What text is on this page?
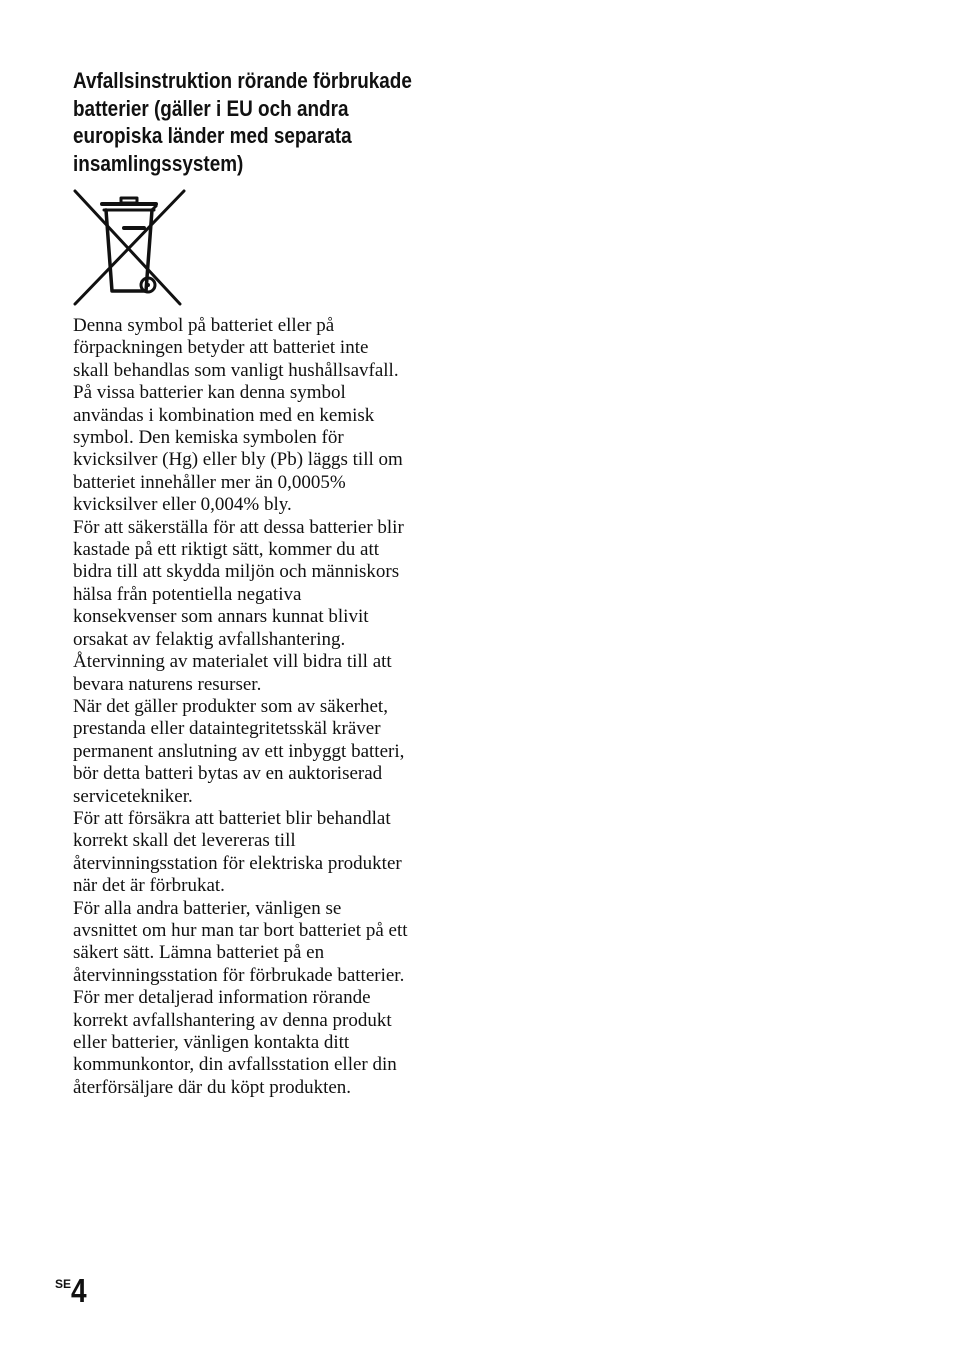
Avfallsinstruktion rörande förbrukade
batterier (gäller i EU och andra
europiska länder med separata
insamlingssystem)

Denna symbol på batteriet eller på
förpackningen betyder att batteriet inte
skall behandlas som vanligt hushållsavfall.
På vissa batterier kan denna symbol
användas i kombination med en kemisk
symbol. Den kemiska symbolen för
kvicksilver (Hg) eller bly (Pb) läggs till om
batteriet innehåller mer än 0,0005%
kvicksilver eller 0,004% bly.

För att säkerställa för att dessa batterier blir
kastade på ett riktigt sätt, kommer du att
bidra till att skydda miljön och människors
hälsa från potentiella negativa
konsekvenser som annars kunnat blivit
orsakat av felaktig avfallshantering.
Återvinning av materialet vill bidra till att
bevara naturens resurser.

När det gäller produkter som av säkerhet,
prestanda eller dataintegritetsskäl kräver
permanent anslutning av ett inbyggt batteri,
bör detta batteri bytas av en auktoriserad
servicetekniker.

För att försäkra att batteriet blir behandlat
korrekt skall det levereras till
återvinningsstation för elektriska produkter
när det är förbrukat.

För alla andra batterier, vänligen se
avsnittet om hur man tar bort batteriet på ett
säkert sätt. Lämna batteriet på en
återvinningsstation för förbrukade batterier.

För mer detaljerad information rörande
korrekt avfallshantering av denna produkt
eller batterier, vänligen kontakta ditt
kommunkontor, din avfallsstation eller din
återförsäljare där du köpt produkten.

$^{SE}$4
